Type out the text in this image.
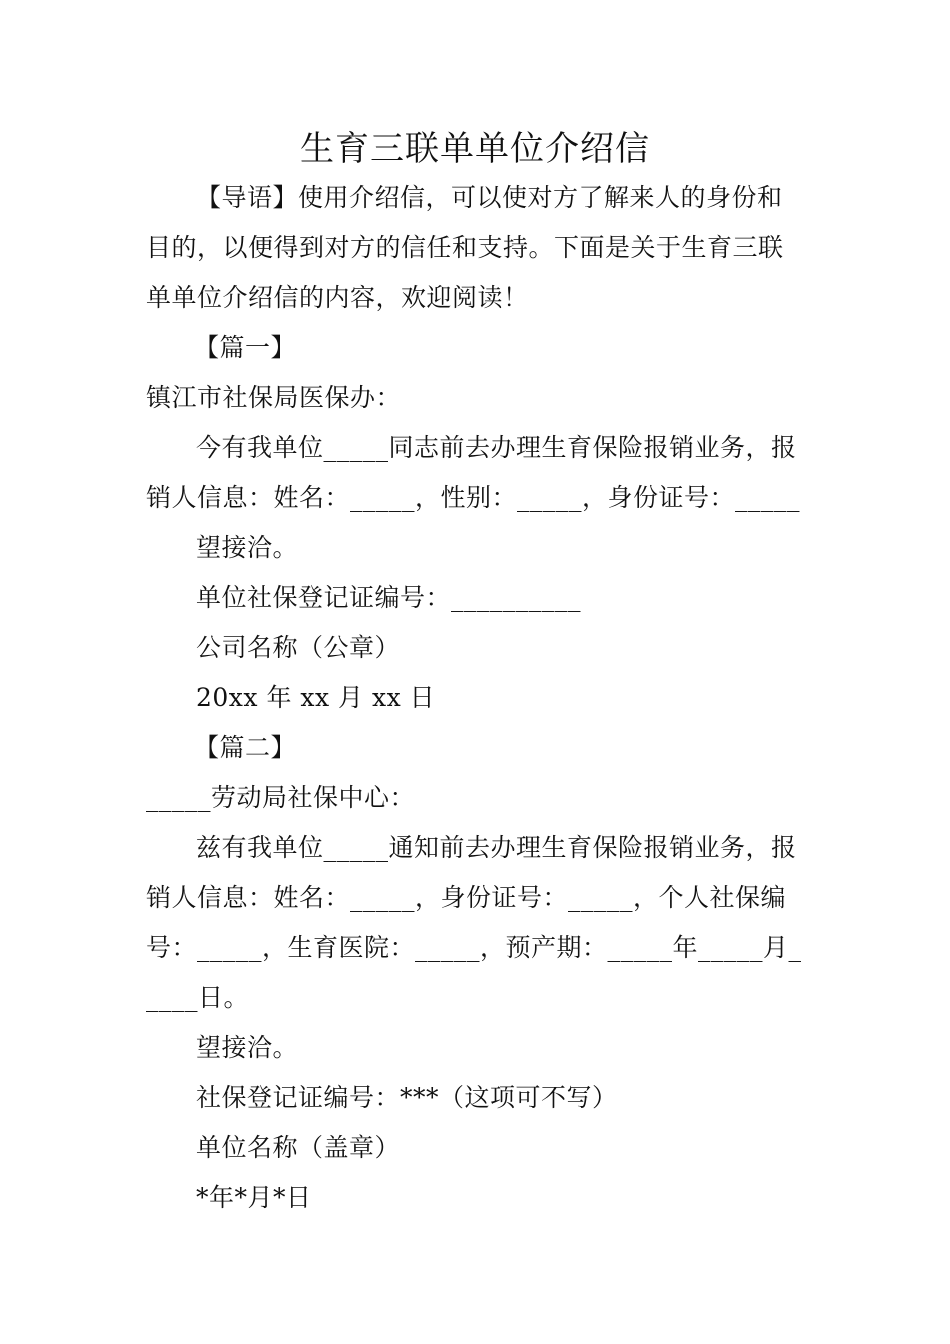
生育三联单单位介绍信
【导语】使用介绍信，可以使对方了解来人的身份和
目的，以便得到对方的信任和支持。下面是关于生育三联
单单位介绍信的内容，欢迎阅读！
【篇一】
镇江市社保局医保办：
今有我单位_____同志前去办理生育保险报销业务，报
销人信息：姓名：_____，性别：_____，身份证号：_____
望接洽。
单位社保登记证编号：__________
公司名称（公章）
20xx 年 xx 月 xx 日
【篇二】
_____劳动局社保中心：
兹有我单位_____通知前去办理生育保险报销业务，报
销人信息：姓名：_____，身份证号：_____，个人社保编
号：_____，生育医院：_____，预产期：_____年_____月_
____日。
望接洽。
社保登记证编号：***（这项可不写）
单位名称（盖章）
*年*月*日
